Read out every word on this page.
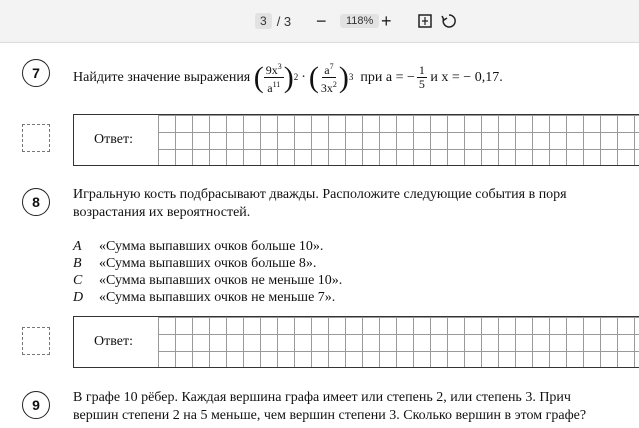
3 / 3 −	118% +
7	Найдите значение выражения
( $\frac{9x^3}{a^{11}}$ ) 2 · ( $\frac{a^7}{3x^2}$ ) 3
при a = − $\frac{1}{5}$
и x = − 0,17.
Ответ:
8	Игральную кость подбрасывают дважды. Расположите следующие события в поря
возрастания их вероятностей.
A «Сумма выпавших очков больше 10».
B «Сумма выпавших очков больше 8».
C «Сумма выпавших очков не меньше 10».
D «Сумма выпавших очков не меньше 7».
Ответ:
9	В графе 10 рёбер. Каждая вершина графа имеет или степень 2, или степень 3. Прич
вершин степени 2 на 5 меньше, чем вершин степени 3. Сколько вершин в этом графе?
